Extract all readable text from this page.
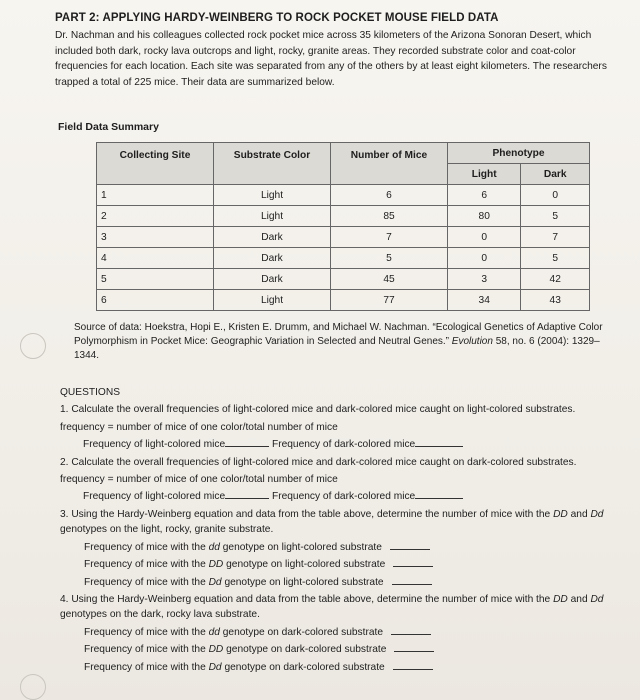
PART 2: APPLYING HARDY-WEINBERG TO ROCK POCKET MOUSE FIELD DATA
Dr. Nachman and his colleagues collected rock pocket mice across 35 kilometers of the Arizona Sonoran Desert, which included both dark, rocky lava outcrops and light, rocky, granite areas. They recorded substrate color and coat-color frequencies for each location. Each site was separated from any of the others by at least eight kilometers. The researchers trapped a total of 225 mice. Their data are summarized below.
Field Data Summary
Collecting Site	Substrate Color	Number of Mice	Phenotype	
			Light	Dark
1	Light	6	6	0
2	Light	85	80	5
3	Dark	7	0	7
4	Dark	5	0	5
5	Dark	45	3	42
6	Light	77	34	43
Source of data: Hoekstra, Hopi E., Kristen E. Drumm, and Michael W. Nachman. “Ecological Genetics of Adaptive Color Polymorphism in Pocket Mice: Geographic Variation in Selected and Neutral Genes.” Evolution 58, no. 6 (2004): 1329–1344.
QUESTIONS
1. Calculate the overall frequencies of light-colored mice and dark-colored mice caught on light-colored substrates.
frequency = number of mice of one color/total number of mice
Frequency of light-colored mice	Frequency of dark-colored mice
2. Calculate the overall frequencies of light-colored mice and dark-colored mice caught on dark-colored substrates.
frequency = number of mice of one color/total number of mice
Frequency of light-colored mice	Frequency of dark-colored mice
3. Using the Hardy-Weinberg equation and data from the table above, determine the number of mice with the DD and Dd genotypes on the light, rocky, granite substrate.
Frequency of mice with the dd genotype on light-colored substrate
Frequency of mice with the DD genotype on light-colored substrate
Frequency of mice with the Dd genotype on light-colored substrate
4. Using the Hardy-Weinberg equation and data from the table above, determine the number of mice with the DD and Dd genotypes on the dark, rocky lava substrate.
Frequency of mice with the dd genotype on dark-colored substrate
Frequency of mice with the DD genotype on dark-colored substrate
Frequency of mice with the Dd genotype on dark-colored substrate
